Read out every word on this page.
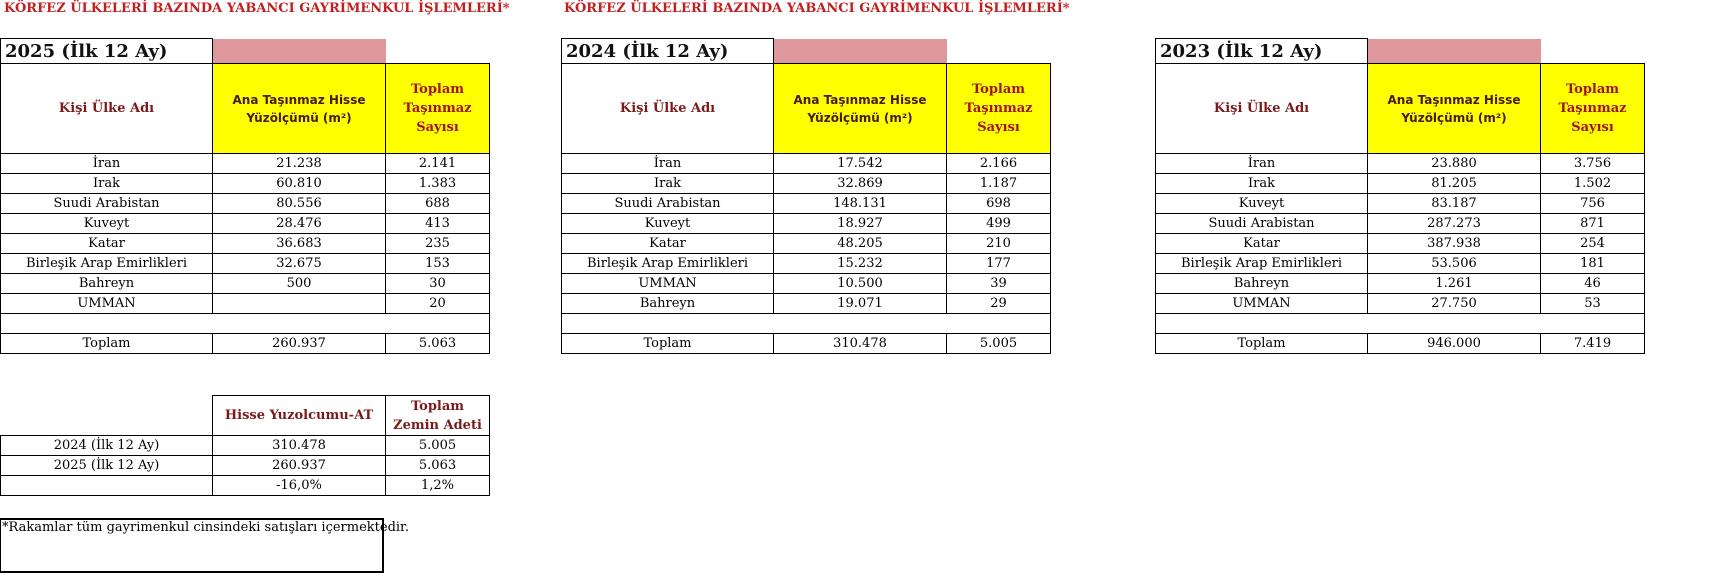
KÖRFEZ ÜLKELERİ BAZINDA YABANCI GAYRİMENKUL İŞLEMLERİ*	KÖRFEZ ÜLKELERİ BAZINDA YABANCI GAYRİMENKUL İŞLEMLERİ*
2025 (İlk 12 Ay)		
Kişi Ülke Adı	Ana Taşınmaz Hisse Yüzölçümü (m²)	Toplam Taşınmaz Sayısı
İran	21.238	2.141
Irak	60.810	1.383
Suudi Arabistan	80.556	688
Kuveyt	28.476	413
Katar	36.683	235
Birleşik Arap Emirlikleri	32.675	153
Bahreyn	500	30
UMMAN		20

Toplam	260.937	5.063
2024 (İlk 12 Ay)		
Kişi Ülke Adı	Ana Taşınmaz Hisse Yüzölçümü (m²)	Toplam Taşınmaz Sayısı
İran	17.542	2.166
Irak	32.869	1.187
Suudi Arabistan	148.131	698
Kuveyt	18.927	499
Katar	48.205	210
Birleşik Arap Emirlikleri	15.232	177
UMMAN	10.500	39
Bahreyn	19.071	29

Toplam	310.478	5.005
2023 (İlk 12 Ay)		
Kişi Ülke Adı	Ana Taşınmaz Hisse Yüzölçümü (m²)	Toplam Taşınmaz Sayısı
İran	23.880	3.756
Irak	81.205	1.502
Kuveyt	83.187	756
Suudi Arabistan	287.273	871
Katar	387.938	254
Birleşik Arap Emirlikleri	53.506	181
Bahreyn	1.261	46
UMMAN	27.750	53

Toplam	946.000	7.419
	Hisse Yuzolcumu-AT	Toplam Zemin Adeti
2024 (İlk 12 Ay)	310.478	5.005
2025 (İlk 12 Ay)	260.937	5.063
	-16,0%	1,2%
*Rakamlar tüm gayrimenkul cinsindeki satışları içermektedir.
